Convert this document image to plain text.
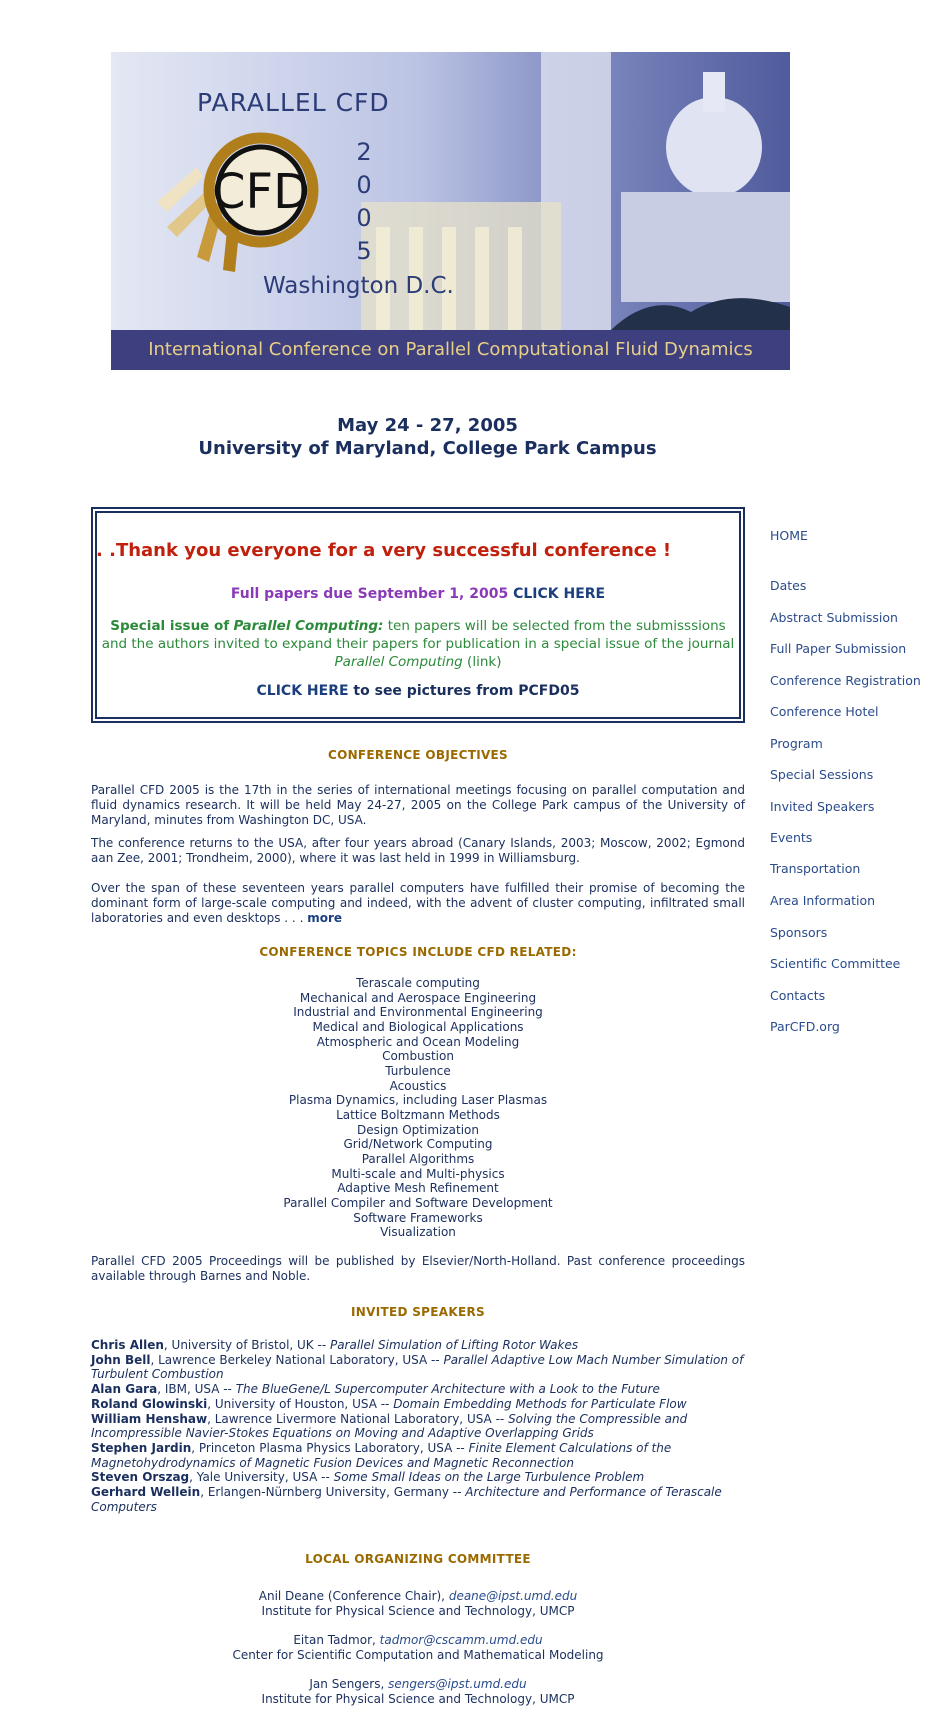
CFD
PARALLEL CFD
2
0
0
5
Washington D.C.
International Conference on Parallel Computational Fluid Dynamics
May 24 - 27, 2005
University of Maryland, College Park Campus
. .Thank you everyone for a very successful conference !
Full papers due September 1, 2005 CLICK HERE
Special issue of Parallel Computing: ten papers will be selected from the submisssions and the authors invited to expand their papers for publication in a special issue of the journal Parallel Computing (link)
CLICK HERE to see pictures from PCFD05
HOME
Dates
Abstract Submission
Full Paper Submission
Conference Registration
Conference Hotel
Program
Special Sessions
Invited Speakers
Events
Transportation
Area Information
Sponsors
Scientific Committee
Contacts
ParCFD.org
CONFERENCE OBJECTIVES
Parallel CFD 2005 is the 17th in the series of international meetings focusing on parallel computation and fluid dynamics research. It will be held May 24-27, 2005 on the College Park campus of the University of Maryland, minutes from Washington DC, USA.
The conference returns to the USA, after four years abroad (Canary Islands, 2003; Moscow, 2002; Egmond aan Zee, 2001; Trondheim, 2000), where it was last held in 1999 in Williamsburg.
Over the span of these seventeen years parallel computers have fulfilled their promise of becoming the dominant form of large-scale computing and indeed, with the advent of cluster computing, infiltrated small laboratories and even desktops . . . more
CONFERENCE TOPICS INCLUDE CFD RELATED:
Terascale computing
Mechanical and Aerospace Engineering
Industrial and Environmental Engineering
Medical and Biological Applications
Atmospheric and Ocean Modeling
Combustion
Turbulence
Acoustics
Plasma Dynamics, including Laser Plasmas
Lattice Boltzmann Methods
Design Optimization
Grid/Network Computing
Parallel Algorithms
Multi-scale and Multi-physics
Adaptive Mesh Refinement
Parallel Compiler and Software Development
Software Frameworks
Visualization
Parallel CFD 2005 Proceedings will be published by Elsevier/North-Holland. Past conference proceedings available through Barnes and Noble.
INVITED SPEAKERS
Chris Allen, University of Bristol, UK -- Parallel Simulation of Lifting Rotor Wakes
John Bell, Lawrence Berkeley National Laboratory, USA -- Parallel Adaptive Low Mach Number Simulation of Turbulent Combustion
Alan Gara, IBM, USA -- The BlueGene/L Supercomputer Architecture with a Look to the Future
Roland Glowinski, University of Houston, USA -- Domain Embedding Methods for Particulate Flow
William Henshaw, Lawrence Livermore National Laboratory, USA -- Solving the Compressible and Incompressible Navier-Stokes Equations on Moving and Adaptive Overlapping Grids
Stephen Jardin, Princeton Plasma Physics Laboratory, USA -- Finite Element Calculations of the Magnetohydrodynamics of Magnetic Fusion Devices and Magnetic Reconnection
Steven Orszag, Yale University, USA -- Some Small Ideas on the Large Turbulence Problem
Gerhard Wellein, Erlangen-Nürnberg University, Germany -- Architecture and Performance of Terascale Computers
LOCAL ORGANIZING COMMITTEE
Anil Deane (Conference Chair), deane@ipst.umd.edu
Institute for Physical Science and Technology, UMCP
Eitan Tadmor, tadmor@cscamm.umd.edu
Center for Scientific Computation and Mathematical Modeling
Jan Sengers, sengers@ipst.umd.edu
Institute for Physical Science and Technology, UMCP
